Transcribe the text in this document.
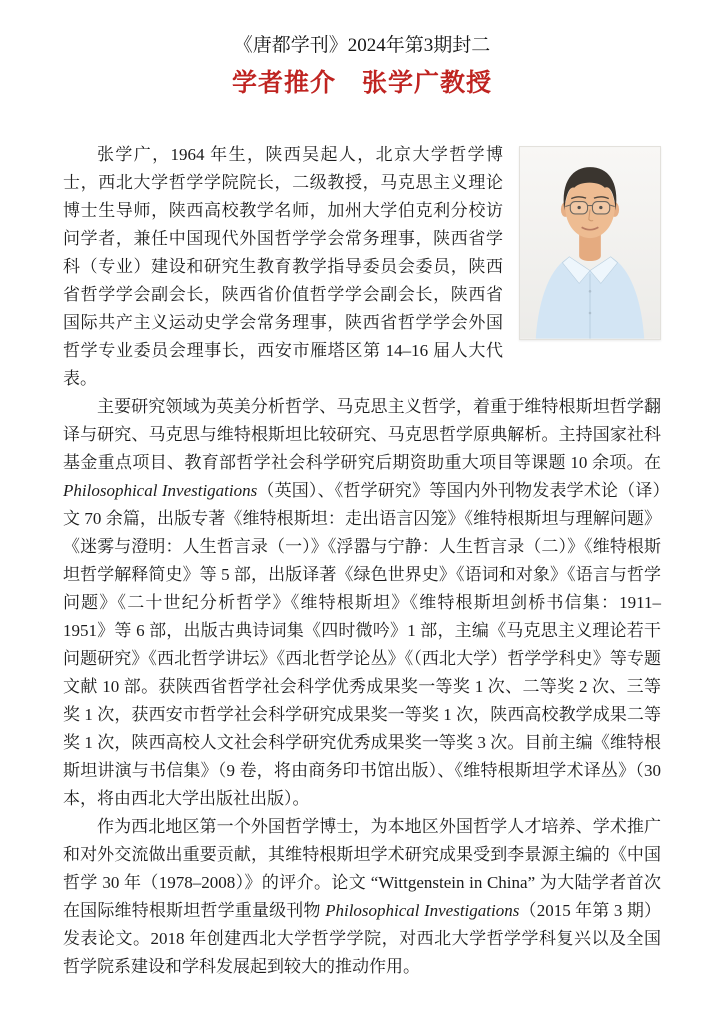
《唐都学刊》2024年第3期封二
学者推介　张学广教授

张学广，1964 年生，陕西吴起人，北京大学哲学博士，西北大学哲学学院院长，二级教授，马克思主义理论博士生导师，陕西高校教学名师，加州大学伯克利分校访问学者，兼任中国现代外国哲学学会常务理事，陕西省学科（专业）建设和研究生教育教学指导委员会委员，陕西省哲学学会副会长，陕西省价值哲学学会副会长，陕西省国际共产主义运动史学会常务理事，陕西省哲学学会外国哲学专业委员会理事长，西安市雁塔区第 14–16 届人大代表。

主要研究领域为英美分析哲学、马克思主义哲学，着重于维特根斯坦哲学翻译与研究、马克思与维特根斯坦比较研究、马克思哲学原典解析。主持国家社科基金重点项目、教育部哲学社会科学研究后期资助重大项目等课题 10 余项。在 Philosophical Investigations（英国）、《哲学研究》等国内外刊物发表学术论（译）文 70 余篇，出版专著《维特根斯坦：走出语言囚笼》《维特根斯坦与理解问题》《迷雾与澄明：人生哲言录（一）》《浮嚣与宁静：人生哲言录（二）》《维特根斯坦哲学解释简史》等 5 部，出版译著《绿色世界史》《语词和对象》《语言与哲学问题》《二十世纪分析哲学》《维特根斯坦》《维特根斯坦剑桥书信集：1911–1951》等 6 部，出版古典诗词集《四时微吟》1 部，主编《马克思主义理论若干问题研究》《西北哲学讲坛》《西北哲学论丛》《（西北大学）哲学学科史》等专题文献 10 部。获陕西省哲学社会科学优秀成果奖一等奖 1 次、二等奖 2 次、三等奖 1 次，获西安市哲学社会科学研究成果奖一等奖 1 次，陕西高校教学成果二等奖 1 次，陕西高校人文社会科学研究优秀成果奖一等奖 3 次。目前主编《维特根斯坦讲演与书信集》（9 卷，将由商务印书馆出版）、《维特根斯坦学术译丛》（30 本，将由西北大学出版社出版）。

作为西北地区第一个外国哲学博士，为本地区外国哲学人才培养、学术推广和对外交流做出重要贡献，其维特根斯坦学术研究成果受到李景源主编的《中国哲学 30 年（1978–2008）》的评介。论文 “Wittgenstein in China” 为大陆学者首次在国际维特根斯坦哲学重量级刊物 Philosophical Investigations（2015 年第 3 期）发表论文。2018 年创建西北大学哲学学院，对西北大学哲学学科复兴以及全国哲学院系建设和学科发展起到较大的推动作用。
